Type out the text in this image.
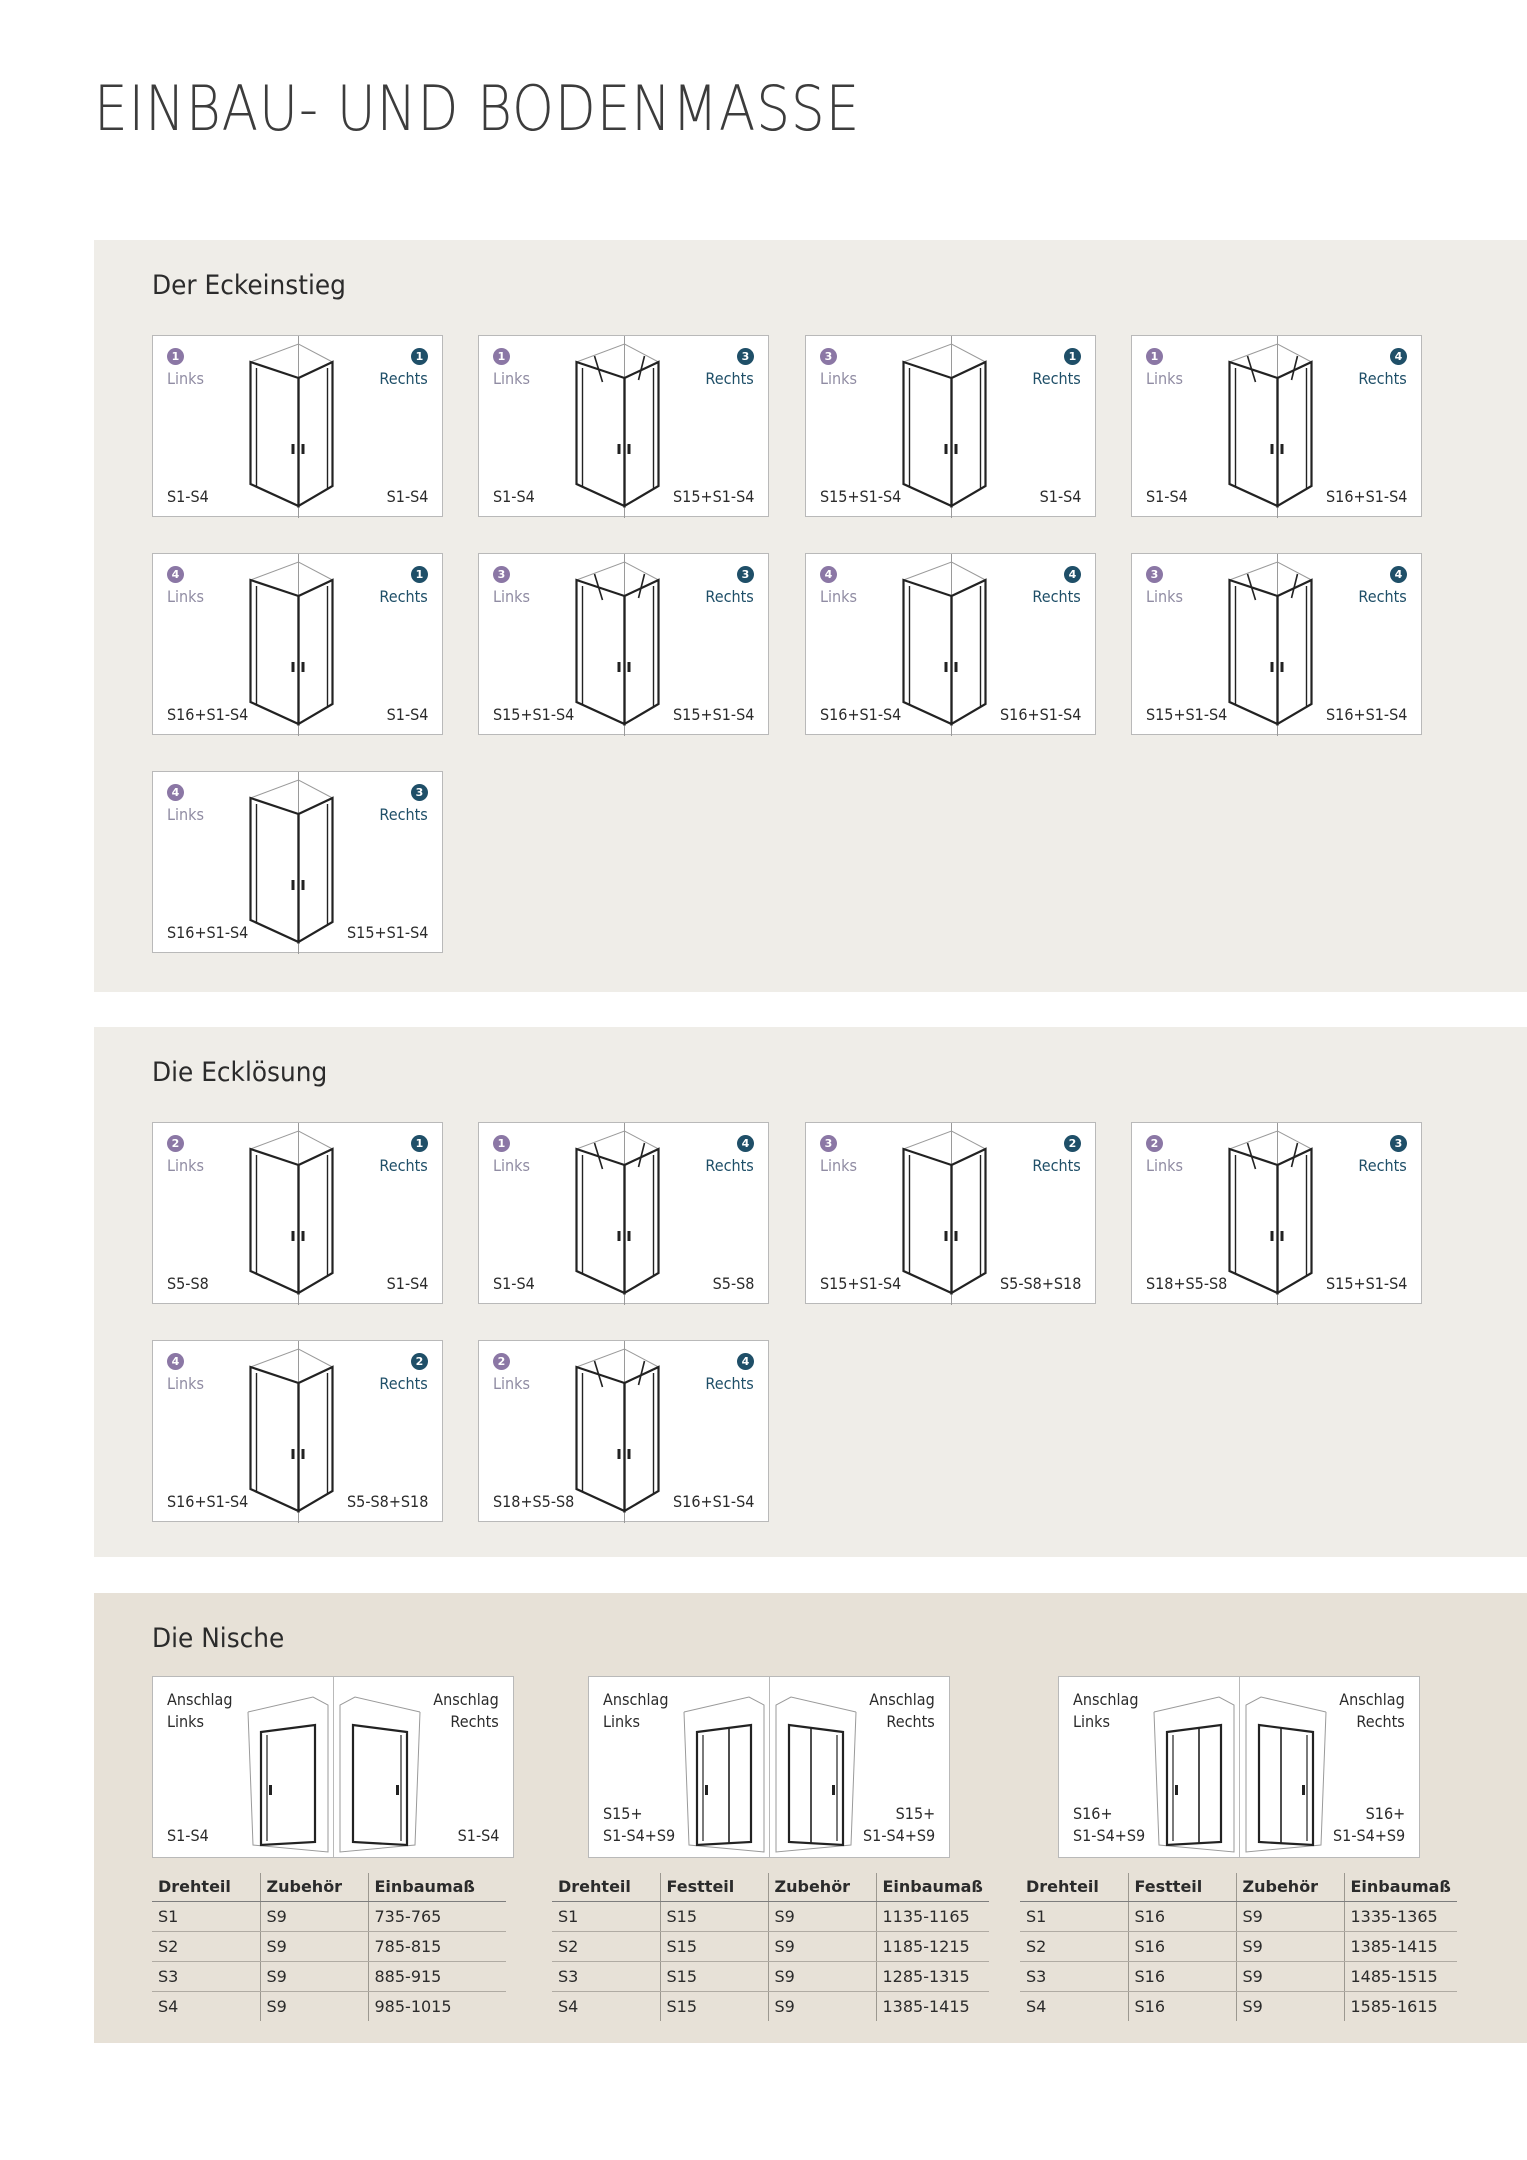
EINBAU- UND BODENMASSE
Der Eckeinstieg
1
Links
S1-S4
1
Rechts
S1-S4
1
Links
S1-S4
3
Rechts
S15+S1-S4
3
Links
S15+S1-S4
1
Rechts
S1-S4
1
Links
S1-S4
4
Rechts
S16+S1-S4
4
Links
S16+S1-S4
1
Rechts
S1-S4
3
Links
S15+S1-S4
3
Rechts
S15+S1-S4
4
Links
S16+S1-S4
4
Rechts
S16+S1-S4
3
Links
S15+S1-S4
4
Rechts
S16+S1-S4
4
Links
S16+S1-S4
3
Rechts
S15+S1-S4
Die Ecklösung
2
Links
S5-S8
1
Rechts
S1-S4
1
Links
S1-S4
4
Rechts
S5-S8
3
Links
S15+S1-S4
2
Rechts
S5-S8+S18
2
Links
S18+S5-S8
3
Rechts
S15+S1-S4
4
Links
S16+S1-S4
2
Rechts
S5-S8+S18
2
Links
S18+S5-S8
4
Rechts
S16+S1-S4
Die Nische
Anschlag
Links
S1-S4
Anschlag
Rechts
S1-S4
Anschlag
Links
S15+
S1-S4+S9
Anschlag
Rechts
S15+
S1-S4+S9
Anschlag
Links
S16+
S1-S4+S9
Anschlag
Rechts
S16+
S1-S4+S9
Drehteil	Zubehör	Einbaumaß
S1	S9	735-765
S2	S9	785-815
S3	S9	885-915
S4	S9	985-1015
Drehteil	Festteil	Zubehör	Einbaumaß
S1	S15	S9	1135-1165
S2	S15	S9	1185-1215
S3	S15	S9	1285-1315
S4	S15	S9	1385-1415
Drehteil	Festteil	Zubehör	Einbaumaß
S1	S16	S9	1335-1365
S2	S16	S9	1385-1415
S3	S16	S9	1485-1515
S4	S16	S9	1585-1615
